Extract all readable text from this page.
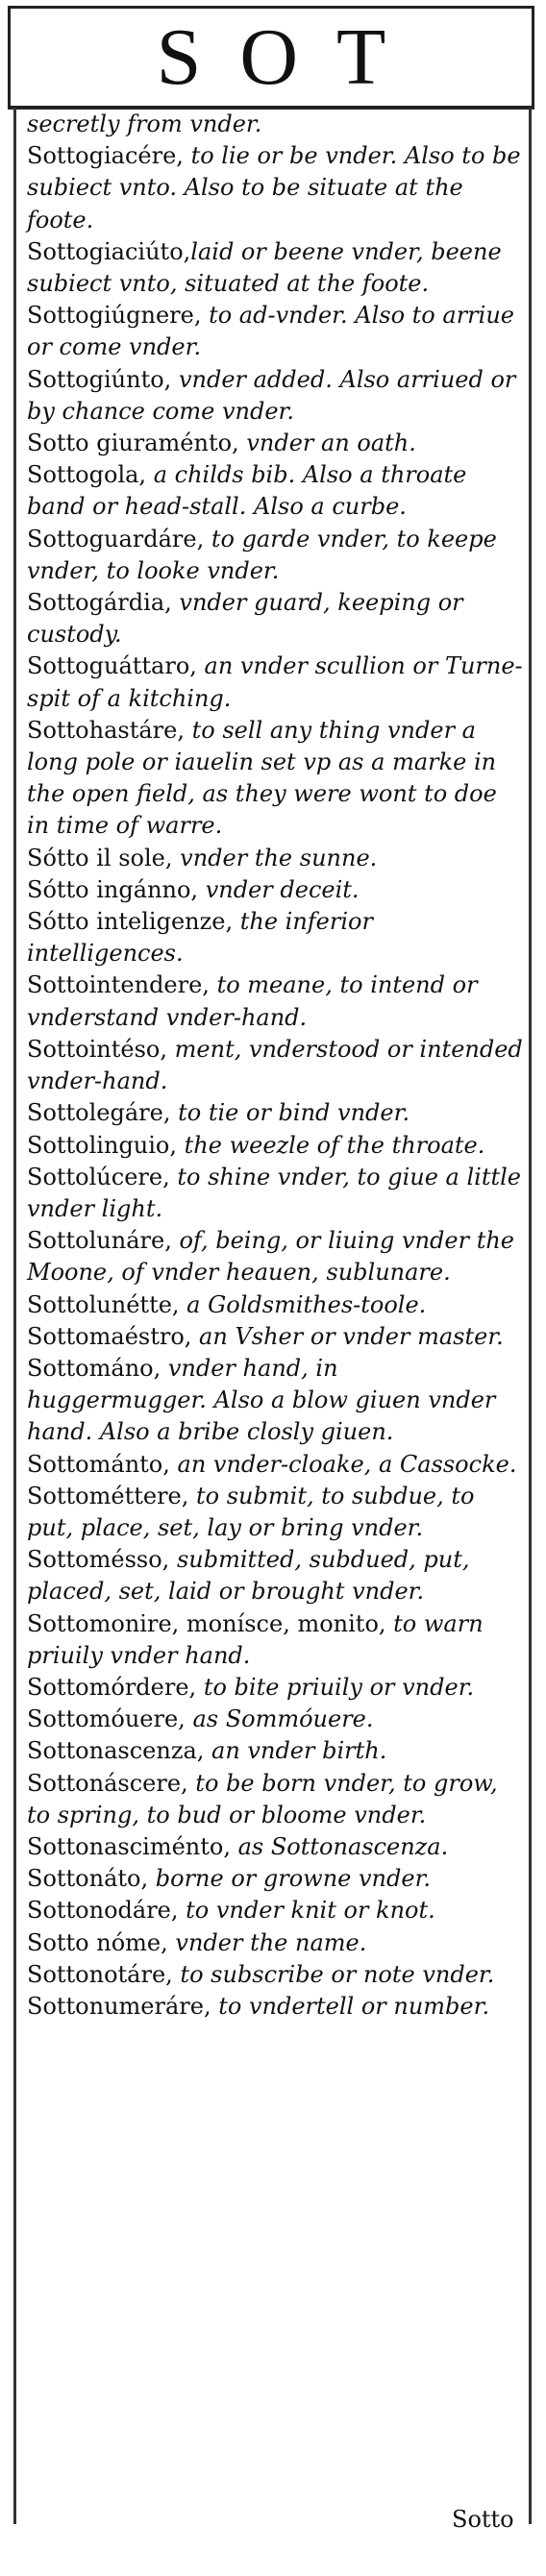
SOT
secretly from vnder.
Sottogiacére, to lie or be vnder. Also to be subiect vnto. Also to be situate at the foote.
Sottogiaciúto,laid or beene vnder, beene subiect vnto, situated at the foote.
Sottogiúgnere, to ad-vnder. Also to arriue or come vnder.
Sottogiúnto, vnder added. Also arriued or by chance come vnder.
Sotto giuraménto, vnder an oath.
Sottogola, a childs bib. Also a throate band or head-stall. Also a curbe.
Sottoguardáre, to garde vnder, to keepe vnder, to looke vnder.
Sottogárdia, vnder guard, keeping or custody.
Sottoguáttaro, an vnder scullion or Turne-spit of a kitching.
Sottohastáre, to sell any thing vnder a long pole or iauelin set vp as a marke in the open field, as they were wont to doe in time of warre.
Sótto il sole, vnder the sunne.
Sótto ingánno, vnder deceit.
Sótto inteligenze, the inferior intelligences.
Sottointendere, to meane, to intend or vnderstand vnder-hand.
Sottointéso, ment, vnderstood or intended vnder-hand.
Sottolegáre, to tie or bind vnder.
Sottolinguio, the weezle of the throate.
Sottolúcere, to shine vnder, to giue a little vnder light.
Sottolunáre, of, being, or liuing vnder the Moone, of vnder heauen, sublunare.
Sottolunétte, a Goldsmithes-toole.
Sottomaéstro, an Vsher or vnder master.
Sottománo, vnder hand, in huggermugger. Also a blow giuen vnder hand. Also a bribe closly giuen.
Sottománto, an vnder-cloake, a Cassocke.
Sottométtere, to submit, to subdue, to put, place, set, lay or bring vnder.
Sottoméssо, submitted, subdued, put, placed, set, laid or brought vnder.
Sottomonire, monísce, monito, to warn priuily vnder hand.
Sottomórdere, to bite priuily or vnder.
Sottomóuere, as Sommóuere.
Sottonascenza, an vnder birth.
Sottonáscere, to be born vnder, to grow, to spring, to bud or bloome vnder.
Sottonasciménto, as Sottonascenza.
Sottonáto, borne or growne vnder.
Sottonodáre, to vnder knit or knot.
Sotto nóme, vnder the name.
Sottonotáre, to subscribe or note vnder.
Sottonumeráre, to vndertell or number.
Sotto
